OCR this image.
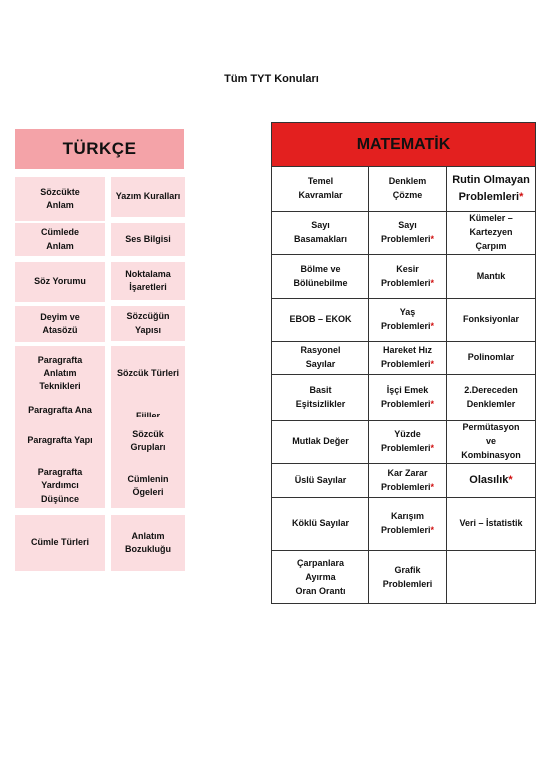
Tüm TYT Konuları
TÜRKÇE
Sözcükte
Anlam
Cümlede
Anlam
Söz Yorumu
Deyim ve
Atasözü
Paragrafta
Anlatım
Teknikleri
Paragrafta Ana

Paragrafta Yapı
Paragrafta
Yardımcı
Düşünce
Cümle Türleri
Yazım Kuralları
Ses Bilgisi
Noktalama
İşaretleri
Sözcüğün
Yapısı
Sözcük Türleri
Sözcük
Grupları
Cümlenin
Ögeleri
Anlatım
Bozukluğu
MATEMATİK
Temel
Kavramlar
Sayı
Basamakları
Bölme ve
Bölünebilme
EBOB – EKOK
Rasyonel
Sayılar
Basit
Eşitsizlikler
Mutlak Değer
Üslü Sayılar
Köklü Sayılar
Çarpanlara
Ayırma
Oran Orantı
Denklem
Çözme
Sayı
Problemleri*
Kesir
Problemleri*
Yaş
Problemleri*
Hareket Hız
Problemleri*
İşçi Emek
Problemleri*
Yüzde
Problemleri*
Kar Zarar
Problemleri*
Karışım
Problemleri*
Grafik
Problemleri
Rutin Olmayan
Problemleri*
Kümeler –
Kartezyen
Çarpım
Mantık
Fonksiyonlar
Polinomlar
2.Dereceden
Denklemler
Permütasyon
ve
Kombinasyon
Olasılık*
Veri – İstatistik
